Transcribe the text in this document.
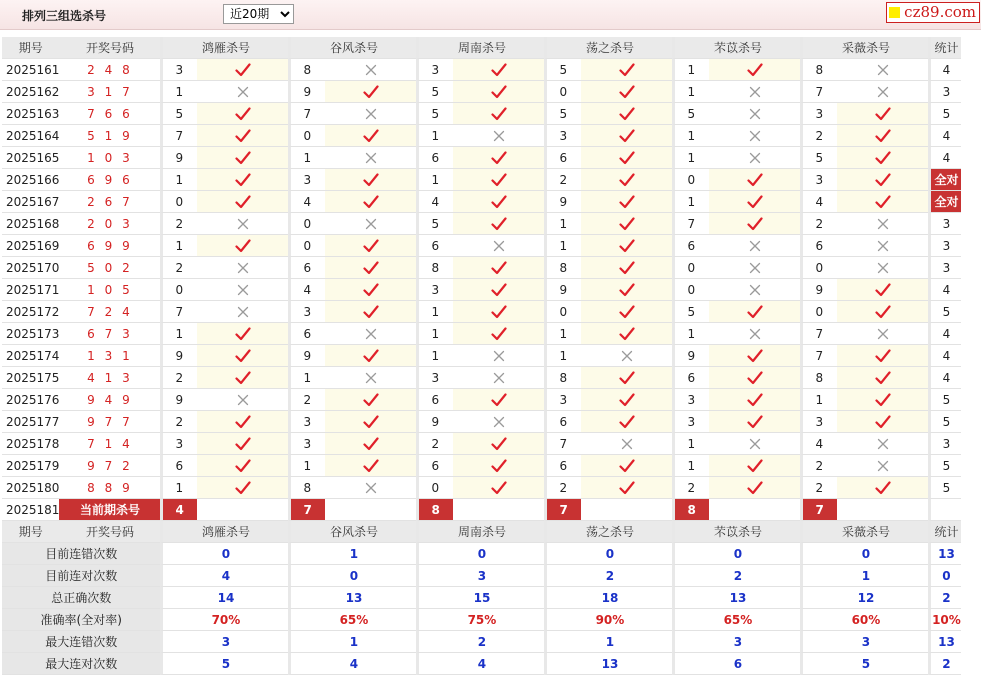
排列三组选杀号
近20期	cz89.com
期号	开奖号码	鸿雁杀号		谷风杀号		周南杀号		荡之杀号		芣苡杀号		采薇杀号		统计
2025161	2 4 8	3		8		3		5		1		8		4
2025162	3 1 7	1		9		5		0		1		7		3
2025163	7 6 6	5		7		5		5		5		3		5
2025164	5 1 9	7		0		1		3		1		2		4
2025165	1 0 3	9		1		6		6		1		5		4
2025166	6 9 6	1		3		1		2		0		3		全对
2025167	2 6 7	0		4		4		9		1		4		全对
2025168	2 0 3	2		0		5		1		7		2		3
2025169	6 9 9	1		0		6		1		6		6		3
2025170	5 0 2	2		6		8		8		0		0		3
2025171	1 0 5	0		4		3		9		0		9		4
2025172	7 2 4	7		3		1		0		5		0		5
2025173	6 7 3	1		6		1		1		1		7		4
2025174	1 3 1	9		9		1		1		9		7		4
2025175	4 1 3	2		1		3		8		6		8		4
2025176	9 4 9	9		2		6		3		3		1		5
2025177	9 7 7	2		3		9		6		3		3		5
2025178	7 1 4	3		3		2		7		1		4		3
2025179	9 7 2	6		1		6		6		1		2		5
2025180	8 8 9	1		8		0		2		2		2		5
2025181	当前期杀号	4		7		8		7		8		7		
期号	开奖号码	鸿雁杀号		谷风杀号		周南杀号		荡之杀号		芣苡杀号		采薇杀号		统计
目前连错次数		0		1		0		0		0		0		13
目前连对次数		4		0		3		2		2		1		0
总正确次数		14		13		15		18		13		12		2
准确率(全对率)		70%		65%		75%		90%		65%		60%		10%
最大连错次数		3		1		2		1		3		3		13
最大连对次数		5		4		4		13		6		5		2
